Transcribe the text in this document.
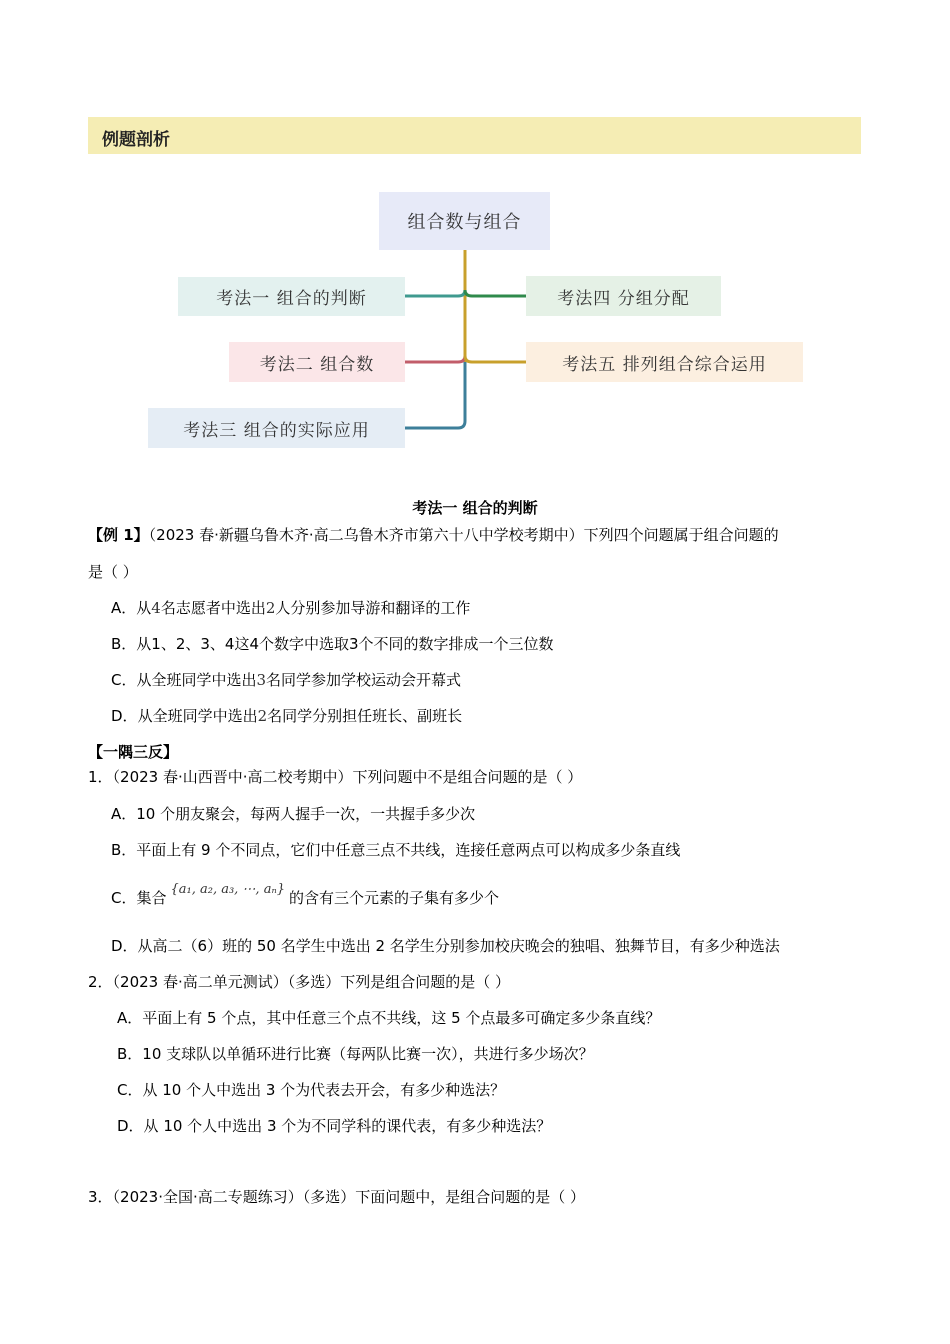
例题剖析
组合数与组合
考法一 组合的判断
考法二 组合数
考法三 组合的实际应用
考法四 分组分配
考法五 排列组合综合运用
考法一 组合的判断
【例 1】（2023 春·新疆乌鲁木齐·高二乌鲁木齐市第六十八中学校考期中）下列四个问题属于组合问题的
是（ ）
A．从4名志愿者中选出2人分别参加导游和翻译的工作
B．从1、2、3、4这4个数字中选取3个不同的数字排成一个三位数
C．从全班同学中选出3名同学参加学校运动会开幕式
D．从全班同学中选出2名同学分别担任班长、副班长
【一隅三反】
1．（2023 春·山西晋中·高二校考期中）下列问题中不是组合问题的是（ ）
A．10 个朋友聚会，每两人握手一次，一共握手多少次
B．平面上有 9 个不同点，它们中任意三点不共线，连接任意两点可以构成多少条直线
C．集合 {a₁, a₂, a₃, ⋯, aₙ} 的含有三个元素的子集有多少个
D．从高二（6）班的 50 名学生中选出 2 名学生分别参加校庆晚会的独唱、独舞节目，有多少种选法
2．（2023 春·高二单元测试）（多选）下列是组合问题的是（ ）
A．平面上有 5 个点，其中任意三个点不共线，这 5 个点最多可确定多少条直线？
B．10 支球队以单循环进行比赛（每两队比赛一次），共进行多少场次？
C．从 10 个人中选出 3 个为代表去开会，有多少种选法？
D．从 10 个人中选出 3 个为不同学科的课代表，有多少种选法？
3．（2023·全国·高二专题练习）（多选）下面问题中，是组合问题的是（ ）
